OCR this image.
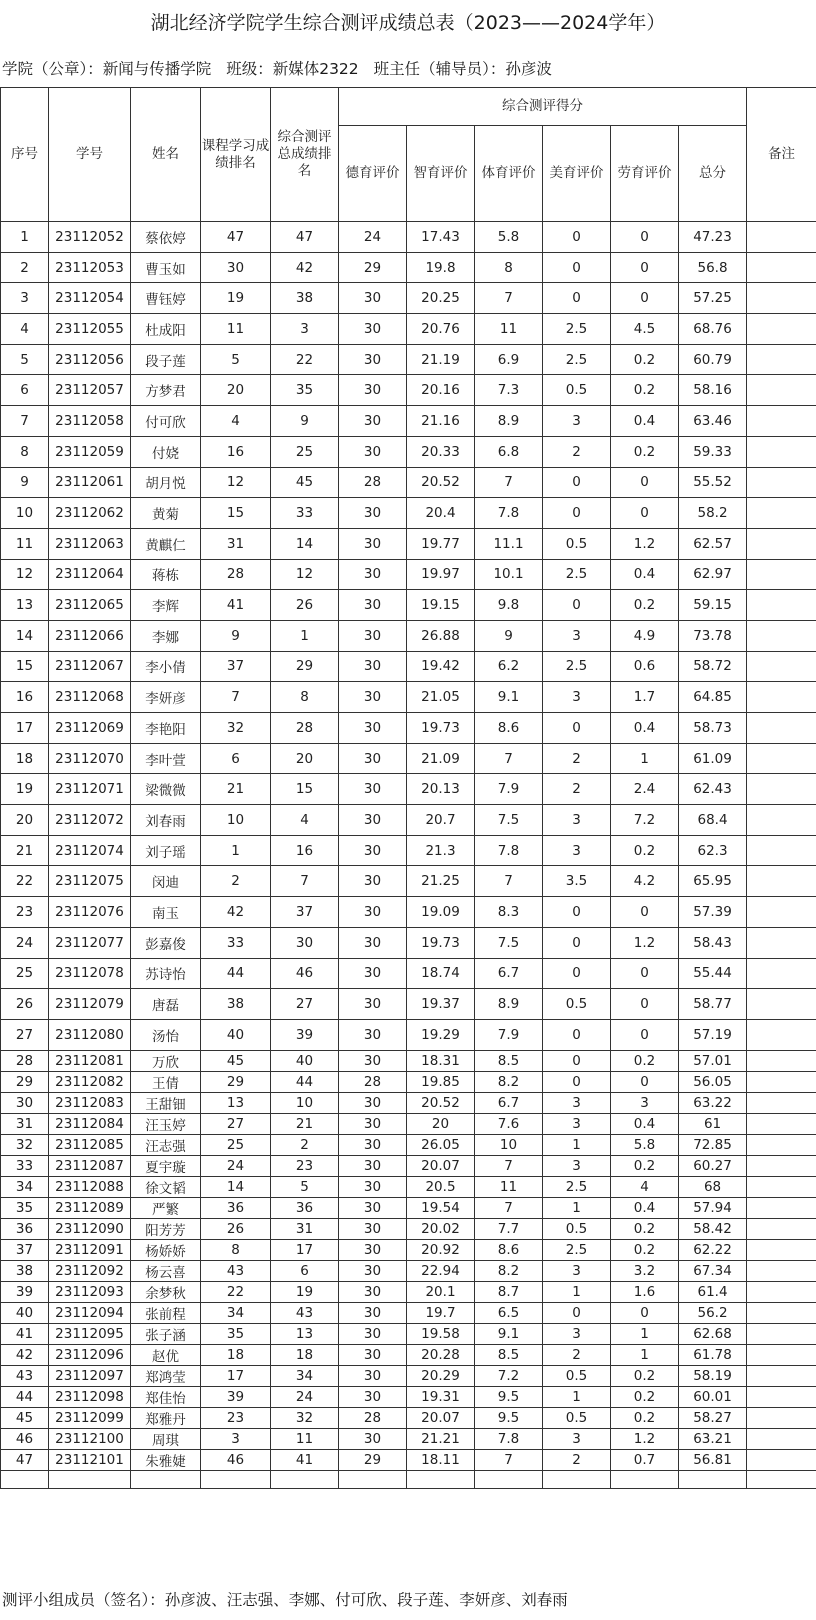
湖北经济学院学生综合测评成绩总表（2023——2024学年）
学院（公章）：新闻与传播学院 班级：新媒体2322 班主任（辅导员）：孙彦波
序号	学号	姓名	课程学习成绩排名	综合测评总成绩排名	综合测评得分						备注
					德育评价	智育评价	体育评价	美育评价	劳育评价	总分	
1	23112052	蔡依婷	47	47	24	17.43	5.8	0	0	47.23	
2	23112053	曹玉如	30	42	29	19.8	8	0	0	56.8	
3	23112054	曹钰婷	19	38	30	20.25	7	0	0	57.25	
4	23112055	杜成阳	11	3	30	20.76	11	2.5	4.5	68.76	
5	23112056	段子莲	5	22	30	21.19	6.9	2.5	0.2	60.79	
6	23112057	方梦君	20	35	30	20.16	7.3	0.5	0.2	58.16	
7	23112058	付可欣	4	9	30	21.16	8.9	3	0.4	63.46	
8	23112059	付娆	16	25	30	20.33	6.8	2	0.2	59.33	
9	23112061	胡月悦	12	45	28	20.52	7	0	0	55.52	
10	23112062	黄菊	15	33	30	20.4	7.8	0	0	58.2	
11	23112063	黄麒仁	31	14	30	19.77	11.1	0.5	1.2	62.57	
12	23112064	蒋栋	28	12	30	19.97	10.1	2.5	0.4	62.97	
13	23112065	李辉	41	26	30	19.15	9.8	0	0.2	59.15	
14	23112066	李娜	9	1	30	26.88	9	3	4.9	73.78	
15	23112067	李小倩	37	29	30	19.42	6.2	2.5	0.6	58.72	
16	23112068	李妍彦	7	8	30	21.05	9.1	3	1.7	64.85	
17	23112069	李艳阳	32	28	30	19.73	8.6	0	0.4	58.73	
18	23112070	李叶萱	6	20	30	21.09	7	2	1	61.09	
19	23112071	梁微微	21	15	30	20.13	7.9	2	2.4	62.43	
20	23112072	刘春雨	10	4	30	20.7	7.5	3	7.2	68.4	
21	23112074	刘子瑶	1	16	30	21.3	7.8	3	0.2	62.3	
22	23112075	闵迪	2	7	30	21.25	7	3.5	4.2	65.95	
23	23112076	南玉	42	37	30	19.09	8.3	0	0	57.39	
24	23112077	彭嘉俊	33	30	30	19.73	7.5	0	1.2	58.43	
25	23112078	苏诗怡	44	46	30	18.74	6.7	0	0	55.44	
26	23112079	唐磊	38	27	30	19.37	8.9	0.5	0	58.77	
27	23112080	汤怡	40	39	30	19.29	7.9	0	0	57.19	
28	23112081	万欣	45	40	30	18.31	8.5	0	0.2	57.01	
29	23112082	王倩	29	44	28	19.85	8.2	0	0	56.05	
30	23112083	王甜钿	13	10	30	20.52	6.7	3	3	63.22	
31	23112084	汪玉婷	27	21	30	20	7.6	3	0.4	61	
32	23112085	汪志强	25	2	30	26.05	10	1	5.8	72.85	
33	23112087	夏宇璇	24	23	30	20.07	7	3	0.2	60.27	
34	23112088	徐文韬	14	5	30	20.5	11	2.5	4	68	
35	23112089	严繁	36	36	30	19.54	7	1	0.4	57.94	
36	23112090	阳芳芳	26	31	30	20.02	7.7	0.5	0.2	58.42	
37	23112091	杨娇娇	8	17	30	20.92	8.6	2.5	0.2	62.22	
38	23112092	杨云喜	43	6	30	22.94	8.2	3	3.2	67.34	
39	23112093	余梦秋	22	19	30	20.1	8.7	1	1.6	61.4	
40	23112094	张前程	34	43	30	19.7	6.5	0	0	56.2	
41	23112095	张子涵	35	13	30	19.58	9.1	3	1	62.68	
42	23112096	赵优	18	18	30	20.28	8.5	2	1	61.78	
43	23112097	郑鸿莹	17	34	30	20.29	7.2	0.5	0.2	58.19	
44	23112098	郑佳怡	39	24	30	19.31	9.5	1	0.2	60.01	
45	23112099	郑雅丹	23	32	28	20.07	9.5	0.5	0.2	58.27	
46	23112100	周琪	3	11	30	21.21	7.8	3	1.2	63.21	
47	23112101	朱雅婕	46	41	29	18.11	7	2	0.7	56.81	

测评小组成员（签名）：孙彦波、汪志强、李娜、付可欣、段子莲、李妍彦、刘春雨
